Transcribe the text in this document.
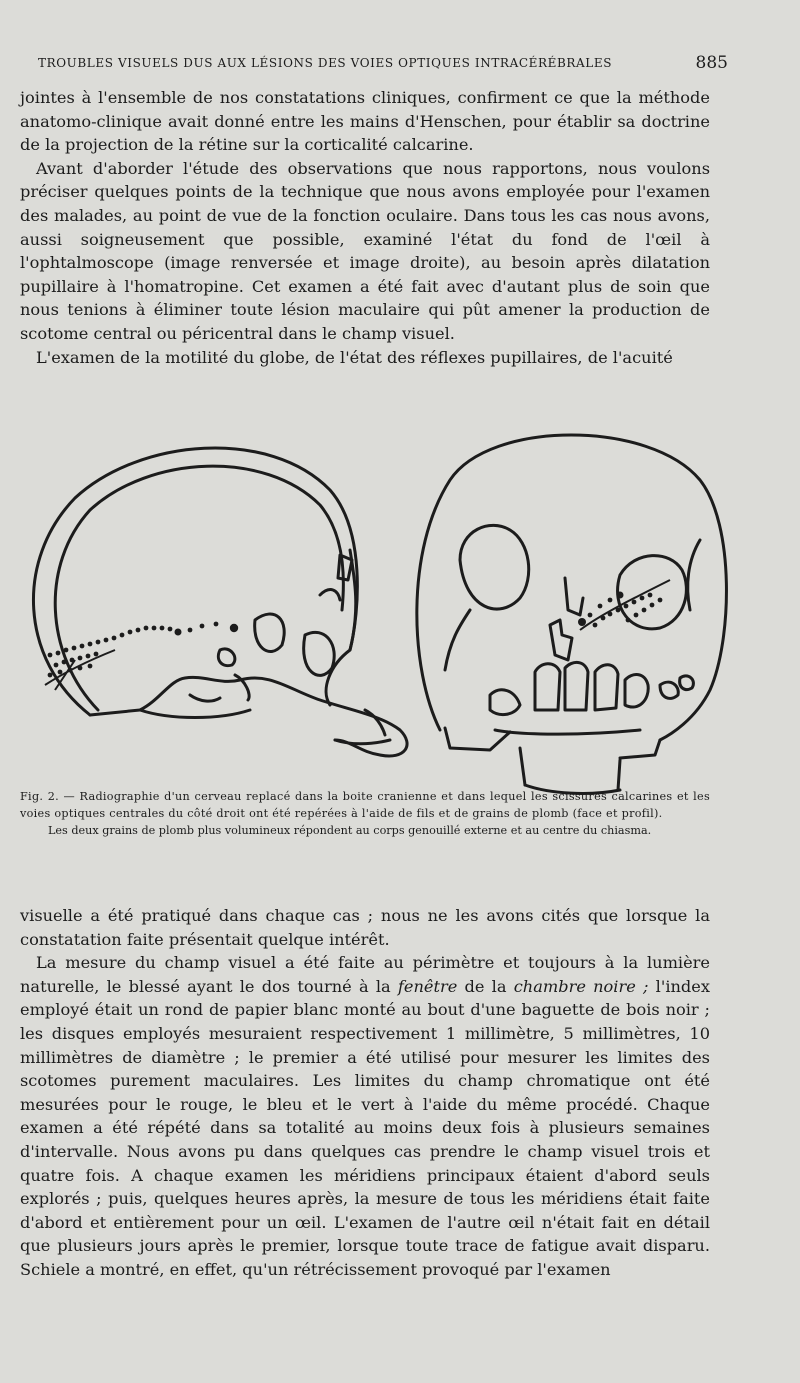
TROUBLES VISUELS DUS AUX LÉSIONS DES VOIES OPTIQUES INTRACÉRÉBRALES	885

jointes à l'ensemble de nos constatations cliniques, confirment ce que la méthode anatomo-clinique avait donné entre les mains d'Henschen, pour établir sa doctrine de la projection de la rétine sur la corticalité calcarine.

Avant d'aborder l'étude des observations que nous rapportons, nous voulons préciser quelques points de la technique que nous avons employée pour l'examen des malades, au point de vue de la fonction oculaire. Dans tous les cas nous avons, aussi soigneusement que possible, examiné l'état du fond de l'œil à l'ophtalmoscope (image renversée et image droite), au besoin après dilatation pupillaire à l'homatropine. Cet examen a été fait avec d'autant plus de soin que nous tenions à éliminer toute lésion maculaire qui pût amener la production de scotome central ou péricentral dans le champ visuel.

L'examen de la motilité du globe, de l'état des réflexes pupillaires, de l'acuité

Fig. 2. — Radiographie d'un cerveau replacé dans la boite cranienne et dans lequel les scissures calcarines et les voies optiques centrales du côté droit ont été repérées à l'aide de fils et de grains de plomb (face et profil).

Les deux grains de plomb plus volumineux répondent au corps genouillé externe et au centre du chiasma.

visuelle a été pratiqué dans chaque cas ; nous ne les avons cités que lorsque la constatation faite présentait quelque intérêt.

La mesure du champ visuel a été faite au périmètre et toujours à la lumière naturelle, le blessé ayant le dos tourné à la fenêtre de la chambre noire ; l'index employé était un rond de papier blanc monté au bout d'une baguette de bois noir ; les disques employés mesuraient respectivement 1 millimètre, 5 millimètres, 10 millimètres de diamètre ; le premier a été utilisé pour mesurer les limites des scotomes purement maculaires. Les limites du champ chromatique ont été mesurées pour le rouge, le bleu et le vert à l'aide du même procédé. Chaque examen a été répété dans sa totalité au moins deux fois à plusieurs semaines d'intervalle. Nous avons pu dans quelques cas prendre le champ visuel trois et quatre fois. A chaque examen les méridiens principaux étaient d'abord seuls explorés ; puis, quelques heures après, la mesure de tous les méridiens était faite d'abord et entièrement pour un œil. L'examen de l'autre œil n'était fait en détail que plusieurs jours après le premier, lorsque toute trace de fatigue avait disparu. Schiele a montré, en effet, qu'un rétrécissement provoqué par l'examen
